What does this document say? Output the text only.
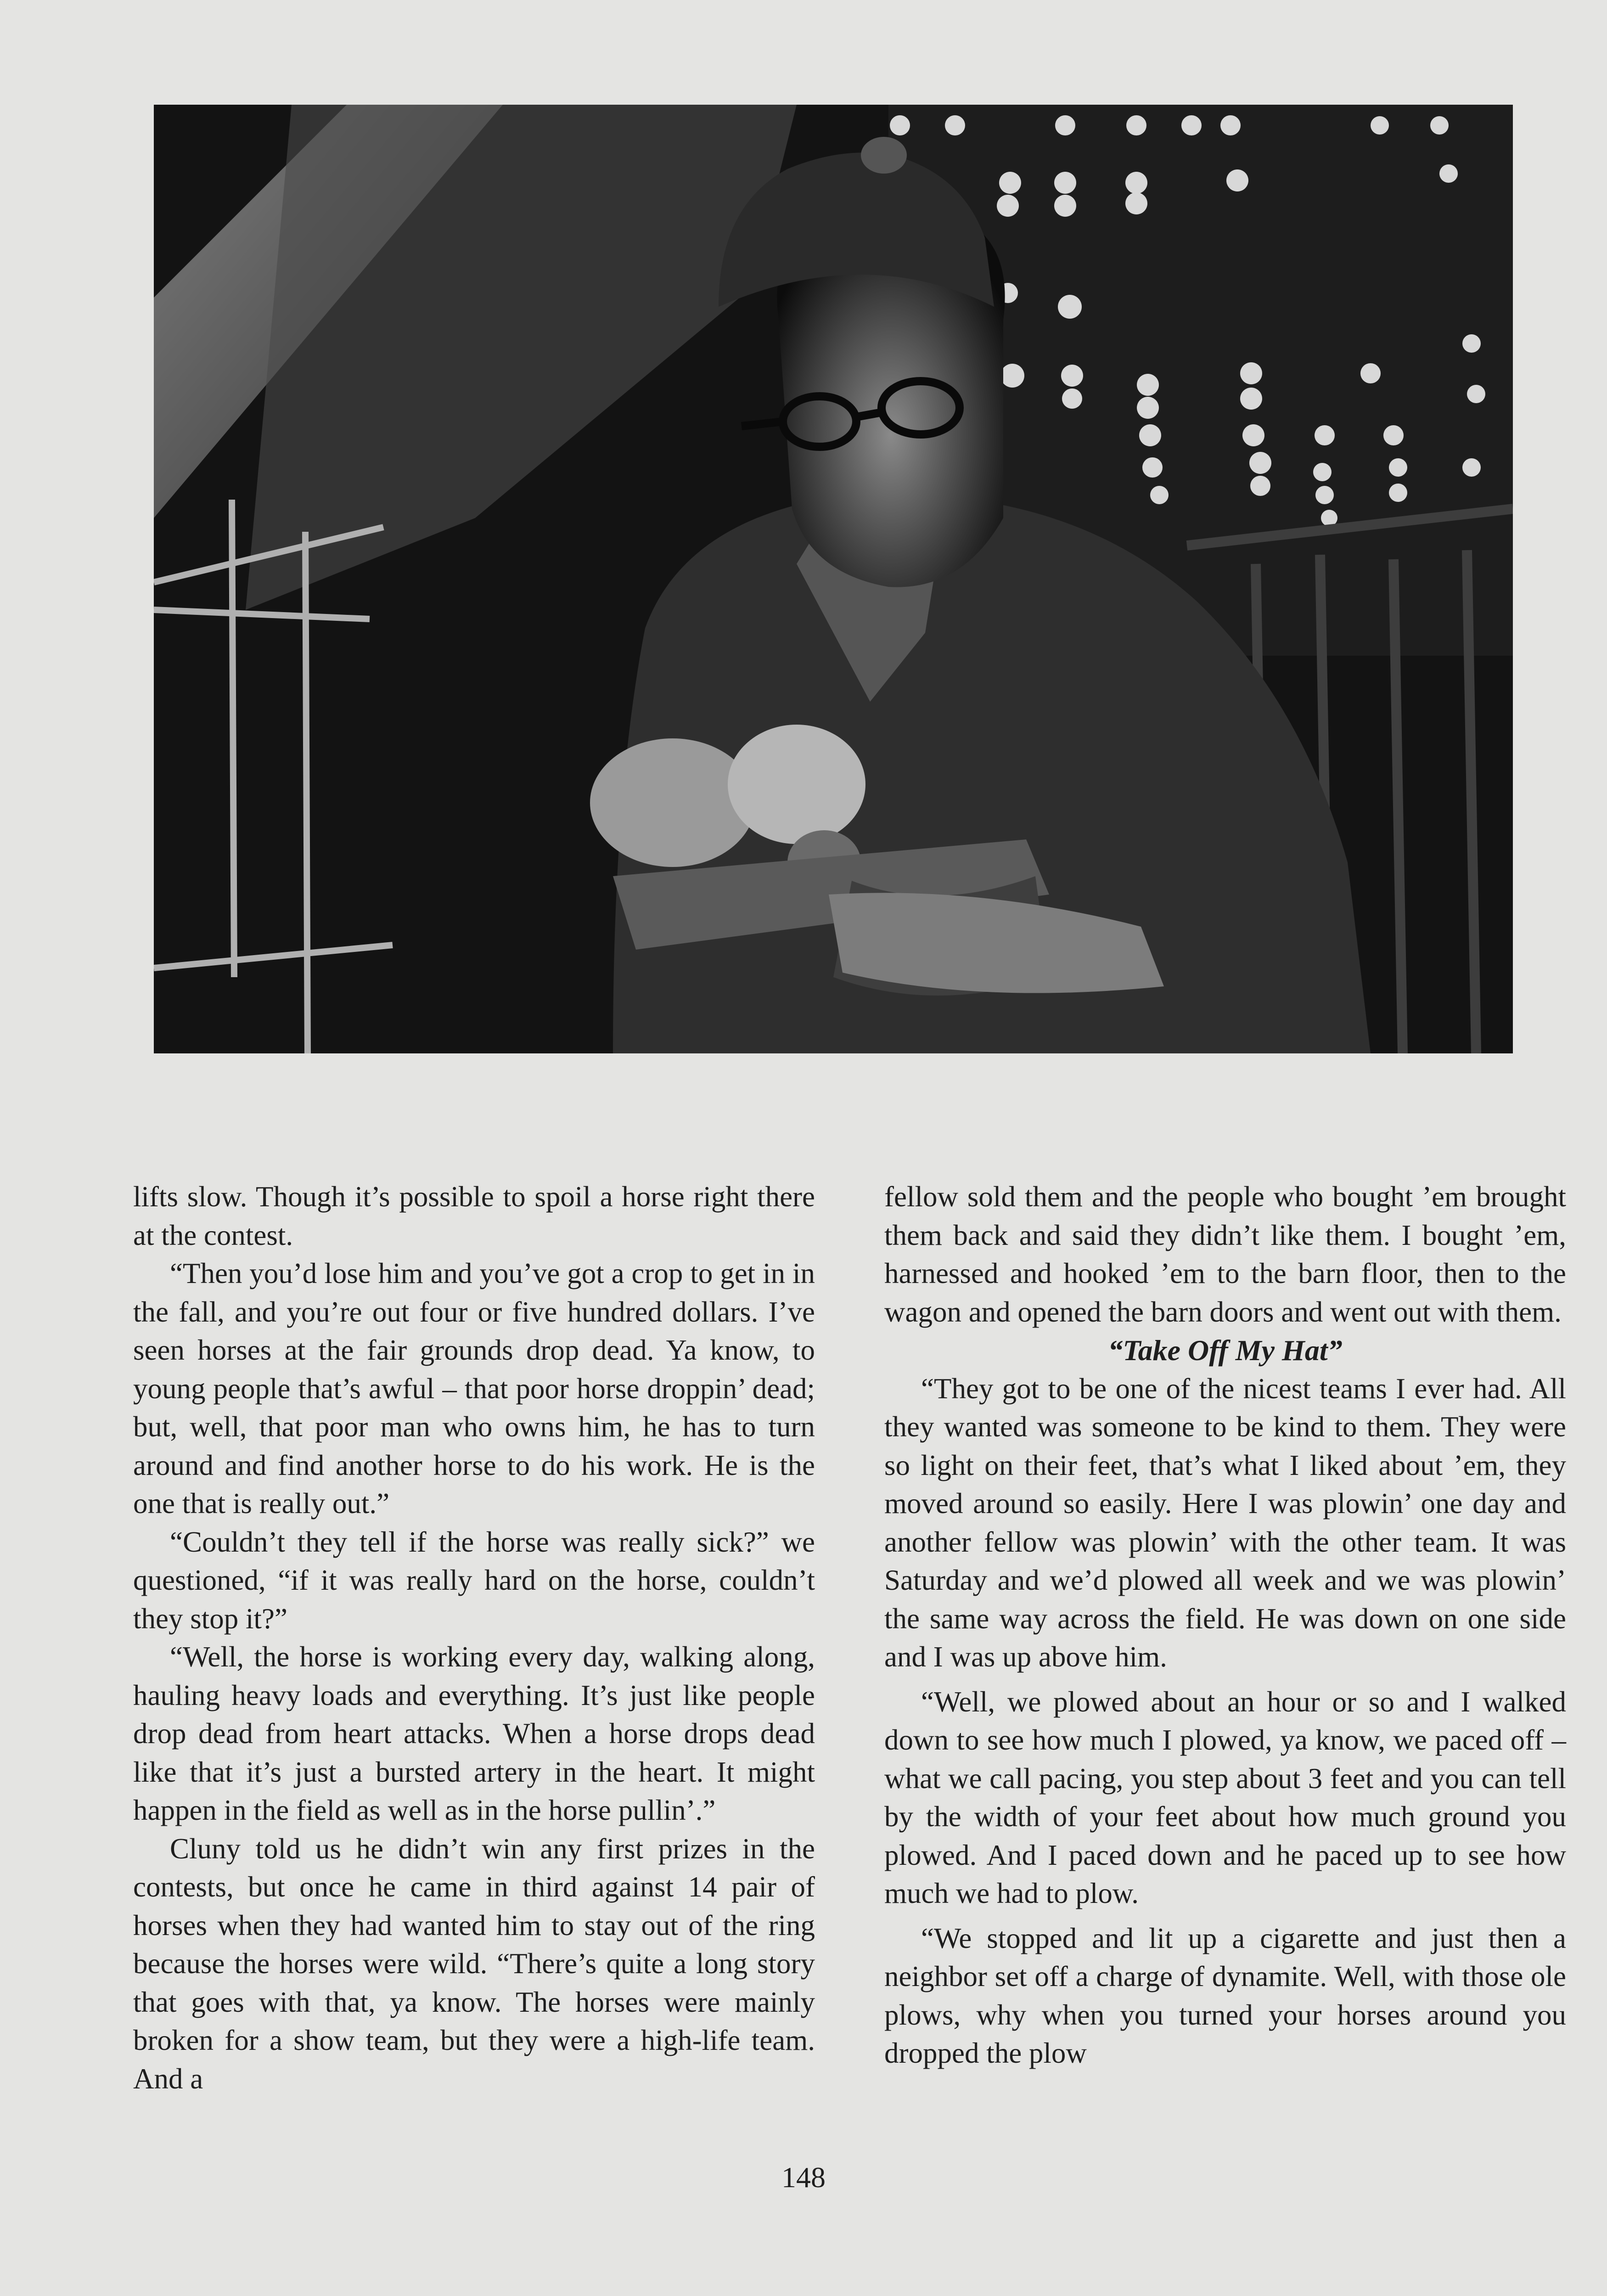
lifts slow. Though it’s possible to spoil a horse right there at the contest.

“Then you’d lose him and you’ve got a crop to get in in the fall, and you’re out four or five hundred dollars. I’ve seen horses at the fair grounds drop dead. Ya know, to young people that’s awful – that poor horse droppin’ dead; but, well, that poor man who owns him, he has to turn around and find another horse to do his work. He is the one that is really out.”

“Couldn’t they tell if the horse was really sick?” we questioned, “if it was really hard on the horse, couldn’t they stop it?”

“Well, the horse is working every day, walking along, hauling heavy loads and everything. It’s just like people drop dead from heart attacks. When a horse drops dead like that it’s just a bursted artery in the heart. It might happen in the field as well as in the horse pullin’.”

Cluny told us he didn’t win any first prizes in the contests, but once he came in third against 14 pair of horses when they had wanted him to stay out of the ring because the horses were wild. “There’s quite a long story that goes with that, ya know. The horses were mainly broken for a show team, but they were a high-life team. And a

fellow sold them and the people who bought ’em brought them back and said they didn’t like them. I bought ’em, harnessed and hooked ’em to the barn floor, then to the wagon and opened the barn doors and went out with them.

“Take Off My Hat”

“They got to be one of the nicest teams I ever had. All they wanted was someone to be kind to them. They were so light on their feet, that’s what I liked about ’em, they moved around so easily. Here I was plowin’ one day and another fellow was plowin’ with the other team. It was Saturday and we’d plowed all week and we was plowin’ the same way across the field. He was down on one side and I was up above him.

“Well, we plowed about an hour or so and I walked down to see how much I plowed, ya know, we paced off – what we call pacing, you step about 3 feet and you can tell by the width of your feet about how much ground you plowed. And I paced down and he paced up to see how much we had to plow.

“We stopped and lit up a cigarette and just then a neighbor set off a charge of dynamite. Well, with those ole plows, why when you turned your horses around you dropped the plow

148
